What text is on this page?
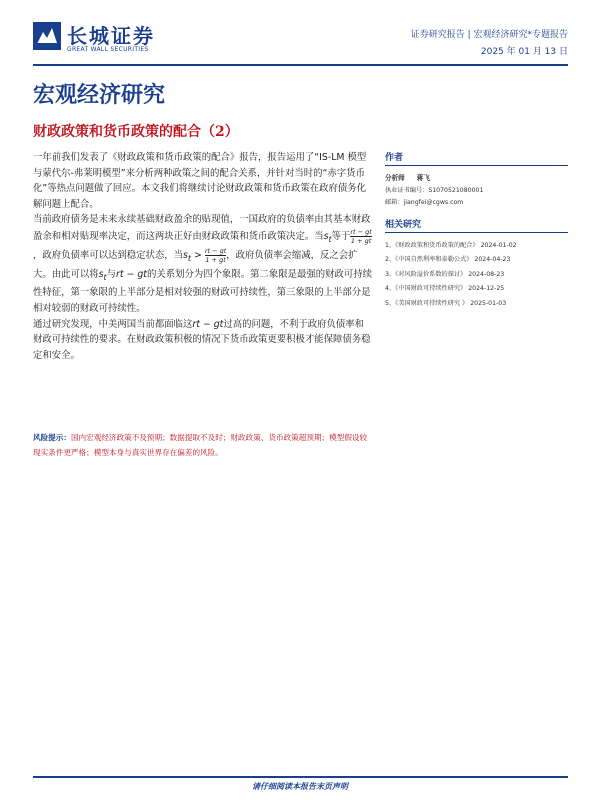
长城证券
GREAT WALL SECURITIES
证券研究报告 | 宏观经济研究*专题报告
2025 年 01 月 13 日
宏观经济研究
财政政策和货币政策的配合（2）

一年前我们发表了《财政政策和货币政策的配合》报告，报告运用了“IS-LM 模型与蒙代尔-弗莱明模型”来分析两种政策之间的配合关系，并针对当时的“赤字货币化”等热点问题做了回应。本文我们将继续讨论财政政策和货币政策在政府债务化解问题上配合。

当前政府债务是未来永续基础财政盈余的贴现值，一国政府的负债率由其基本财政盈余和相对贴现率决定，而这两块正好由财政政策和货币政策决定。当$s_t$等于 $\frac{rt - gt}{1 + gt}$
，政府负债率可以达到稳定状态，当$s_t > \frac{rt - gt}{1 + gt}$ ，政府负债率会缩减，反之会扩大。由此可以将$s_t$与rt − gt的关系划分为四个象限。第二象限是最强的财政可持续性特征，第一象限的上半部分是相对较强的财政可持续性，第三象限的上半部分是相对较弱的财政可持续性。

通过研究发现，中美两国当前都面临这rt − gt过高的问题，不利于政府负债率和财政可持续性的要求。在财政政策积极的情况下货币政策更要积极才能保障债务稳定和安全。

作者
分析师 蒋飞
执业证书编号：S1070521080001
邮箱：jiangfei@cgws.com
相关研究
1、《财政政策和货币政策的配合》 2024-01-02
2、《中国自然利率和泰勒公式》 2024-04-23
3、《对风险溢价系数的探讨》 2024-08-23
4、《中国财政可持续性研究》 2024-12-25
5、《美国财政可持续性研究 》 2025-01-03
风险提示：国内宏观经济政策不及预期；数据提取不及时；财政政策、货币政策超预期；模型假设较现实条件更严格；模型本身与真实世界存在偏差的风险。
请仔细阅读本报告末页声明
